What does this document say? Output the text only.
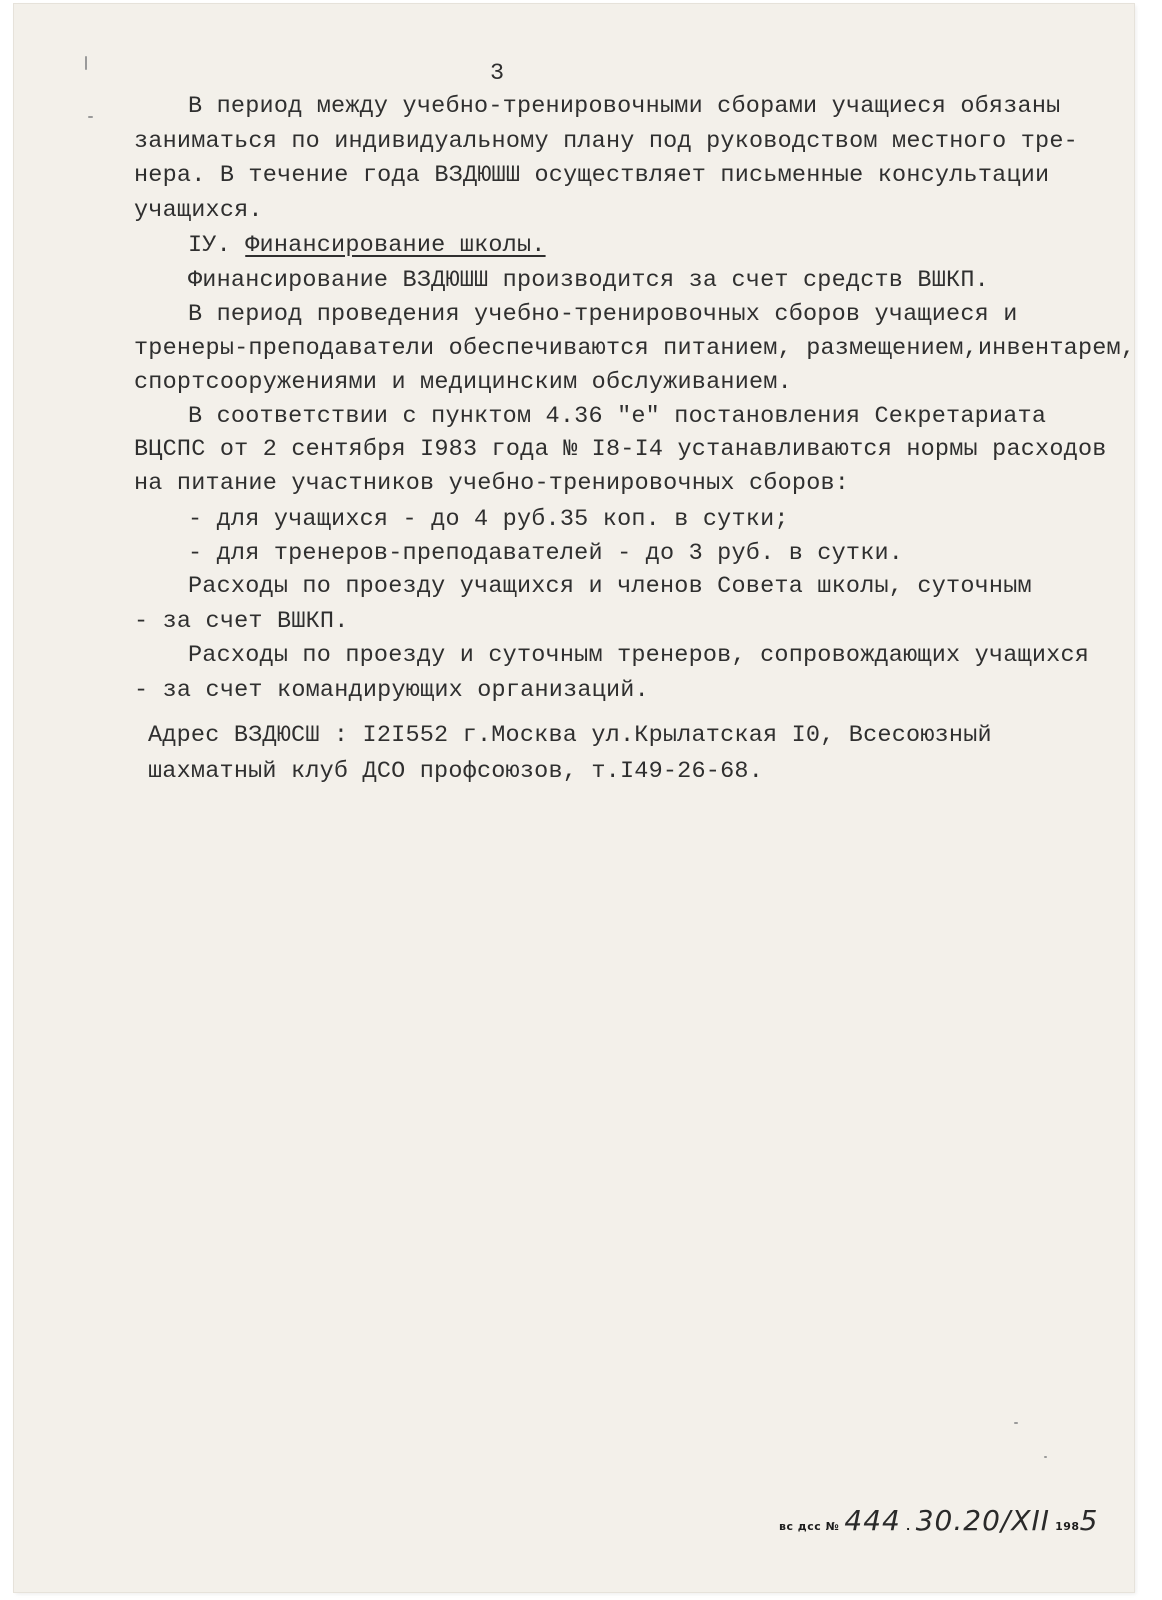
3
В период между учебно-тренировочными сборами учащиеся обязаны
заниматься по индивидуальному плану под руководством местного тре-
нера. В течение года ВЗДЮШШ осуществляет письменные консультации
учащихся.
IУ. Финансирование школы.
Финансирование ВЗДЮШШ производится за счет средств ВШКП.
В период проведения учебно-тренировочных сборов учащиеся и
тренеры-преподаватели обеспечиваются питанием, размещением,инвентарем,
спортсооружениями и медицинским обслуживанием.
В соответствии с пунктом 4.36 "е" постановления Секретариата
ВЦСПС от 2 сентября I983 года № I8-I4 устанавливаются нормы расходов
на питание участников учебно-тренировочных сборов:
- для учащихся - до 4 руб.35 коп. в сутки;
- для тренеров-преподавателей - до 3 руб. в сутки.
Расходы по проезду учащихся и членов Совета школы, суточным
- за счет ВШКП.
Расходы по проезду и суточным тренеров, сопровождающих учащихся
- за счет командирующих организаций.
Адрес ВЗДЮСШ : I2I552 г.Москва ул.Крылатская I0, Всесоюзный
шахматный клуб ДСО профсоюзов, т.I49-26-68.
вс дсс № 444 . 30.20/XII 1985
